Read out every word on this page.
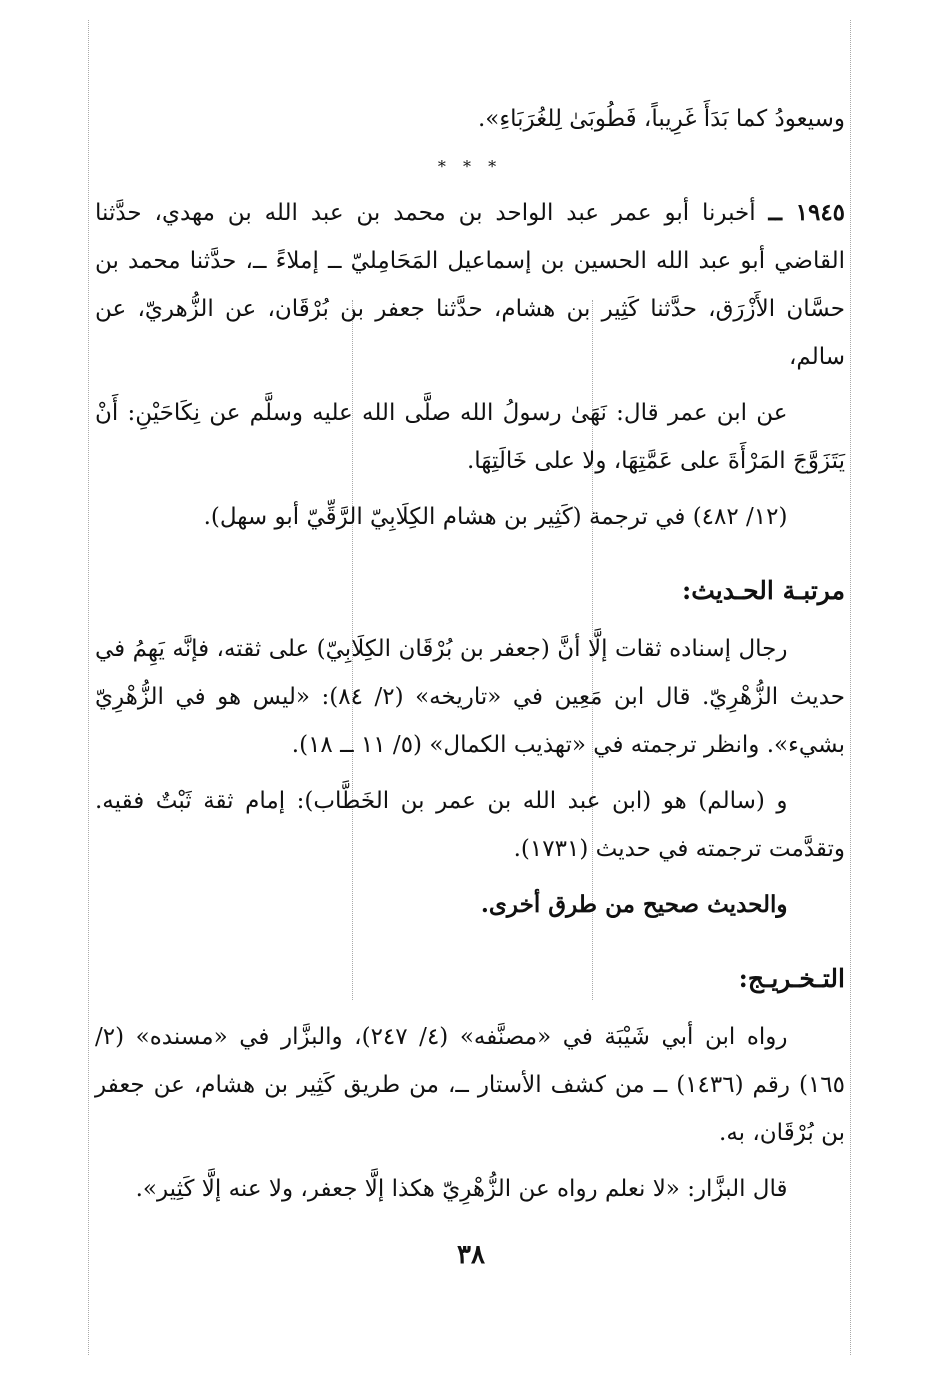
وسيعودُ كما بَدَأَ غَرِيباً، فَطُوبَىٰ لِلغُرَبَاءِ».

* * *

١٩٤٥ ــ أخبرنا أبو عمر عبد الواحد بن محمد بن عبد الله بن مهدي، حدَّثنا القاضي أبو عبد الله الحسين بن إسماعيل المَحَامِليّ ــ إملاءً ــ، حدَّثنا محمد بن حسَّان الأَزْرَق، حدَّثنا كَثِير بن هشام، حدَّثنا جعفر بن بُرْقَان، عن الزُّهريّ، عن سالم،

عن ابن عمر قال: نَهَىٰ رسولُ الله صلَّى الله عليه وسلَّم عن نِكَاحَيْنِ: أَنْ يَتَزَوَّجَ المَرْأَةَ على عَمَّتِهَا، ولا على خَالَتِهَا.

(١٢/ ٤٨٢) في ترجمة (كَثِير بن هشام الكِلَابِيّ الرَّقِّيّ أبو سهل).

مرتبـة الحـديث:

رجال إسناده ثقات إلَّا أنَّ (جعفر بن بُرْقَان الكِلَابِيّ) على ثقته، فإنَّه يَهِمُ في حديث الزُّهْرِيّ. قال ابن مَعِين في «تاريخه» (٢/ ٨٤): «ليس هو في الزُّهْرِيّ بشيء». وانظر ترجمته في «تهذيب الكمال» (٥/ ١١ ــ ١٨).

و (سالم) هو (ابن عبد الله بن عمر بن الخَطَّاب): إمام ثقة ثَبْتٌ فقيه. وتقدَّمت ترجمته في حديث (١٧٣١).

والحديث صحيح من طرق أخرى.

التـخـريـج:

رواه ابن أبي شَيْبَة في «مصنَّفه» (٤/ ٢٤٧)، والبزَّار في «مسنده» (٢/ ١٦٥) رقم (١٤٣٦) ــ من كشف الأستار ــ، من طريق كَثِير بن هشام، عن جعفر بن بُرْقَان، به.

قال البزَّار: «لا نعلم رواه عن الزُّهْرِيّ هكذا إلَّا جعفر، ولا عنه إلَّا كَثِير».

٣٨
